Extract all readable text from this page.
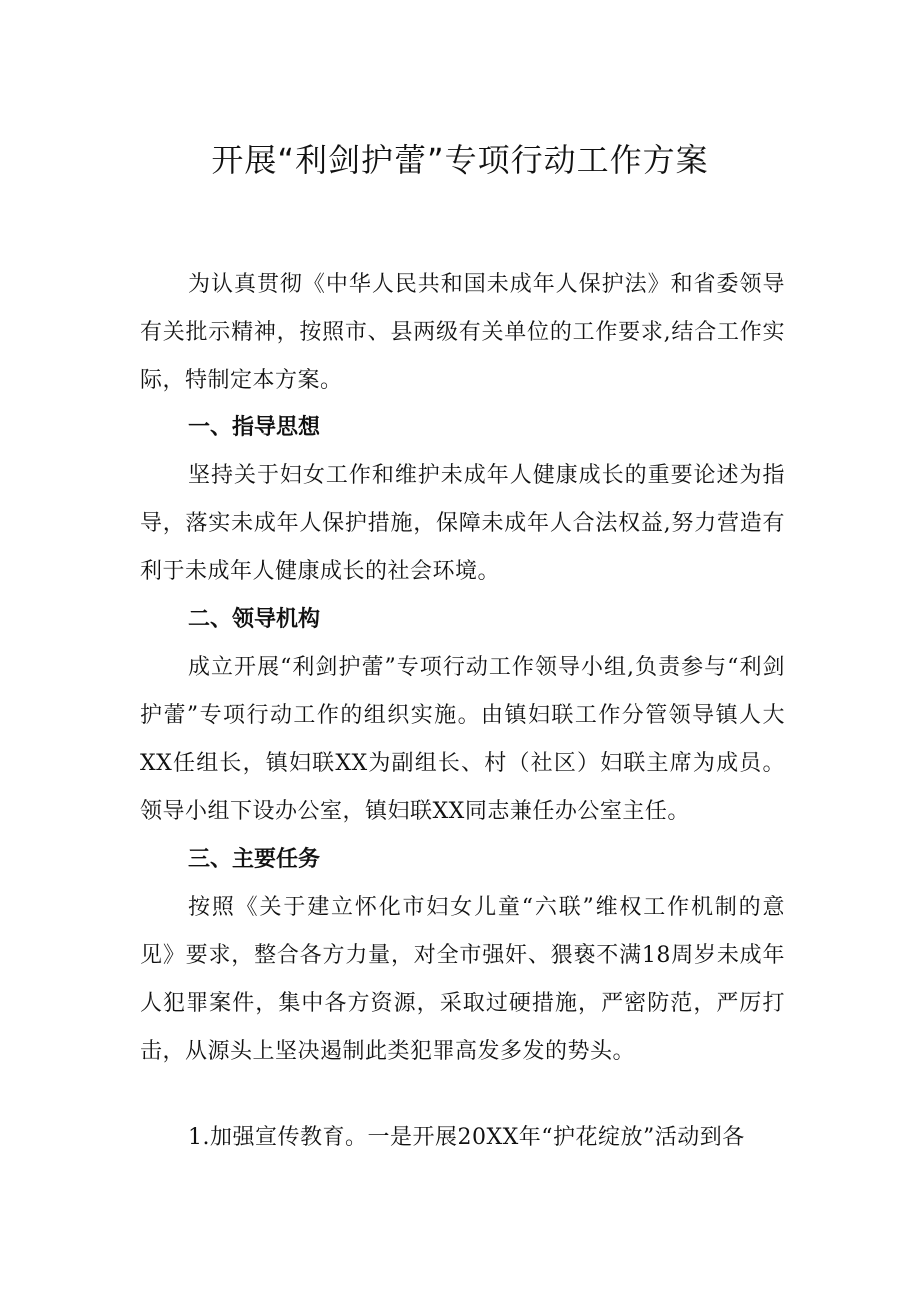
开展“利剑护蕾”专项行动工作方案

为认真贯彻《中华人民共和国未成年人保护法》和省委领导有关批示精神，按照市、县两级有关单位的工作要求,结合工作实际，特制定本方案。

一、指导思想

坚持关于妇女工作和维护未成年人健康成长的重要论述为指导，落实未成年人保护措施，保障未成年人合法权益,努力营造有利于未成年人健康成长的社会环境。

二、领导机构

成立开展“利剑护蕾”专项行动工作领导小组,负责参与“利剑护蕾”专项行动工作的组织实施。由镇妇联工作分管领导镇人大XX任组长，镇妇联XX为副组长、村（社区）妇联主席为成员。领导小组下设办公室，镇妇联XX同志兼任办公室主任。

三、主要任务

按照《关于建立怀化市妇女儿童“六联”维权工作机制的意见》要求，整合各方力量，对全市强奸、猥亵不满18周岁未成年人犯罪案件，集中各方资源，采取过硬措施，严密防范，严厉打击，从源头上坚决遏制此类犯罪高发多发的势头。

1.加强宣传教育。一是开展20XX年“护花绽放”活动到各
